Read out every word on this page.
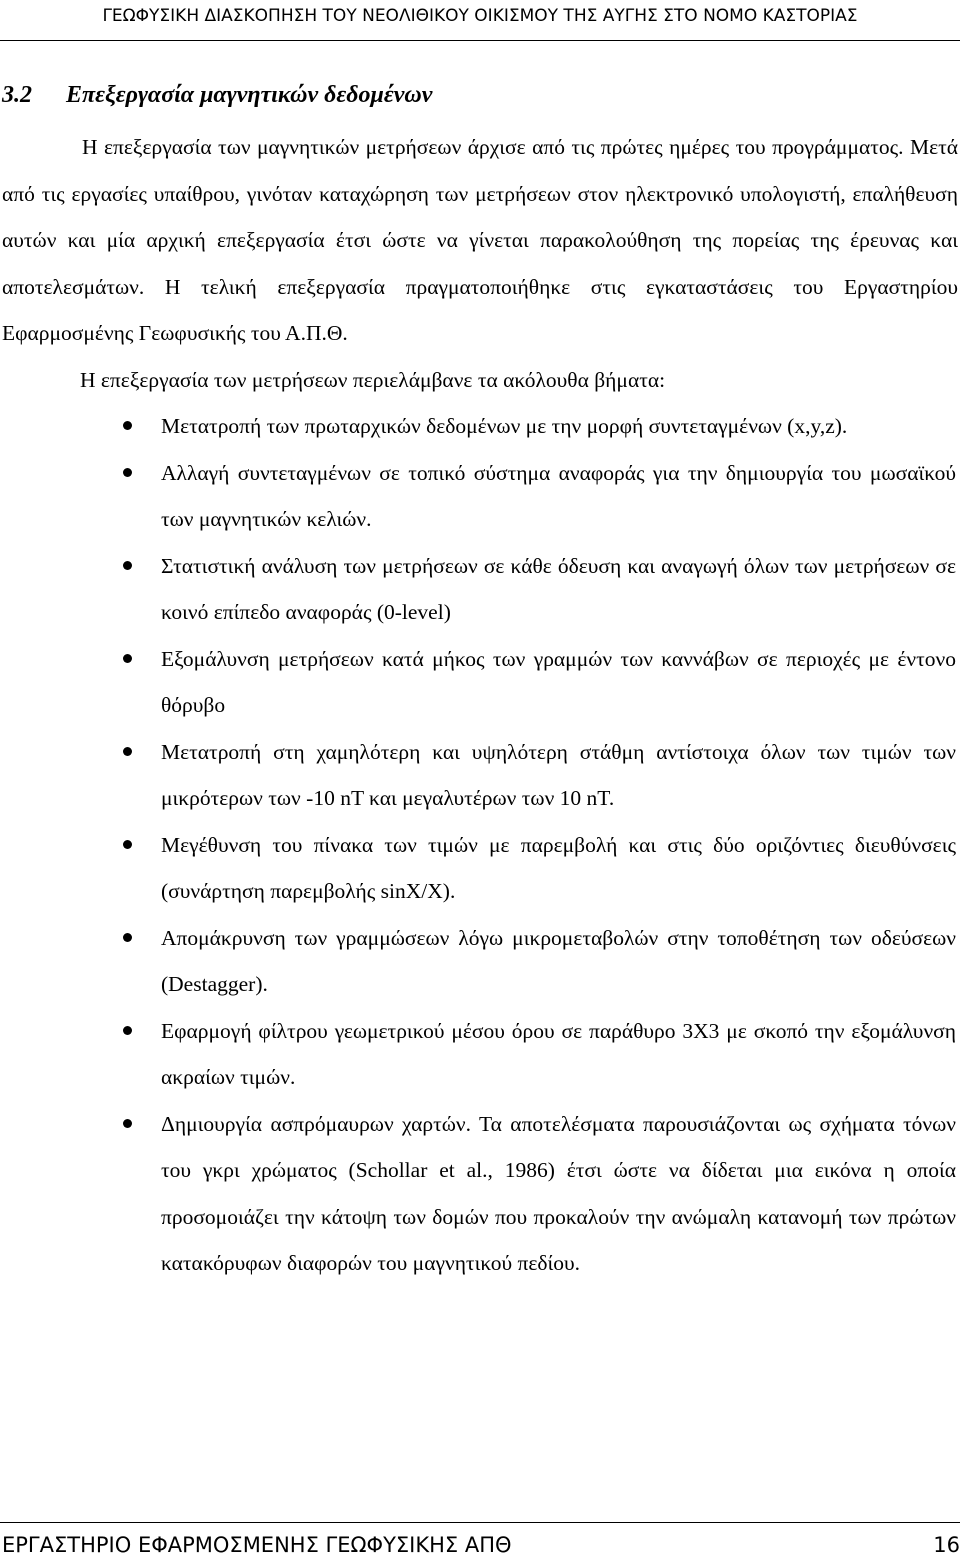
ΓΕΩΦΥΣΙΚΗ ΔΙΑΣΚΟΠΗΣΗ ΤΟΥ ΝΕΟΛΙΘΙΚΟΥ ΟΙΚΙΣΜΟΥ ΤΗΣ ΑΥΓΗΣ ΣΤΟ ΝΟΜΟ ΚΑΣΤΟΡΙΑΣ
3.2 Επεξεργασία μαγνητικών δεδομένων
Η επεξεργασία των μαγνητικών μετρήσεων άρχισε από τις πρώτες ημέρες του προγράμματος. Μετά από τις εργασίες υπαίθρου, γινόταν καταχώρηση των μετρήσεων στον ηλεκτρονικό υπολογιστή, επαλήθευση αυτών και μία αρχική επεξεργασία έτσι ώστε να γίνεται παρακολούθηση της πορείας της έρευνας και αποτελεσμάτων. Η τελική επεξεργασία πραγματοποιήθηκε στις εγκαταστάσεις του Εργαστηρίου Εφαρμοσμένης Γεωφυσικής του Α.Π.Θ.
Η επεξεργασία των μετρήσεων περιελάμβανε τα ακόλουθα βήματα:
Μετατροπή των πρωταρχικών δεδομένων με την μορφή συντεταγμένων (x,y,z).
Αλλαγή συντεταγμένων σε τοπικό σύστημα αναφοράς για την δημιουργία του μωσαϊκού των μαγνητικών κελιών.
Στατιστική ανάλυση των μετρήσεων σε κάθε όδευση και αναγωγή όλων των μετρήσεων σε κοινό επίπεδο αναφοράς (0-level)
Εξομάλυνση μετρήσεων κατά μήκος των γραμμών των καννάβων σε περιοχές με έντονο θόρυβο
Μετατροπή στη χαμηλότερη και υψηλότερη στάθμη αντίστοιχα όλων των τιμών των μικρότερων των -10 nT και μεγαλυτέρων των 10 nT.
Μεγέθυνση του πίνακα των τιμών με παρεμβολή και στις δύο οριζόντιες διευθύνσεις (συνάρτηση παρεμβολής sinX/X).
Απομάκρυνση των γραμμώσεων λόγω μικρομεταβολών στην τοποθέτηση των οδεύσεων (Destagger).
Εφαρμογή φίλτρου γεωμετρικού μέσου όρου σε παράθυρο 3Χ3 με σκοπό την εξομάλυνση ακραίων τιμών.
Δημιουργία ασπρόμαυρων χαρτών. Τα αποτελέσματα παρουσιάζονται ως σχήματα τόνων του γκρι χρώματος (Schollar et al., 1986) έτσι ώστε να δίδεται μια εικόνα η οποία προσομοιάζει την κάτοψη των δομών που προκαλούν την ανώμαλη κατανομή των πρώτων κατακόρυφων διαφορών του μαγνητικού πεδίου.
ΕΡΓΑΣΤΗΡΙΟ ΕΦΑΡΜΟΣΜΕΝΗΣ ΓΕΩΦΥΣΙΚΗΣ ΑΠΘ	16
